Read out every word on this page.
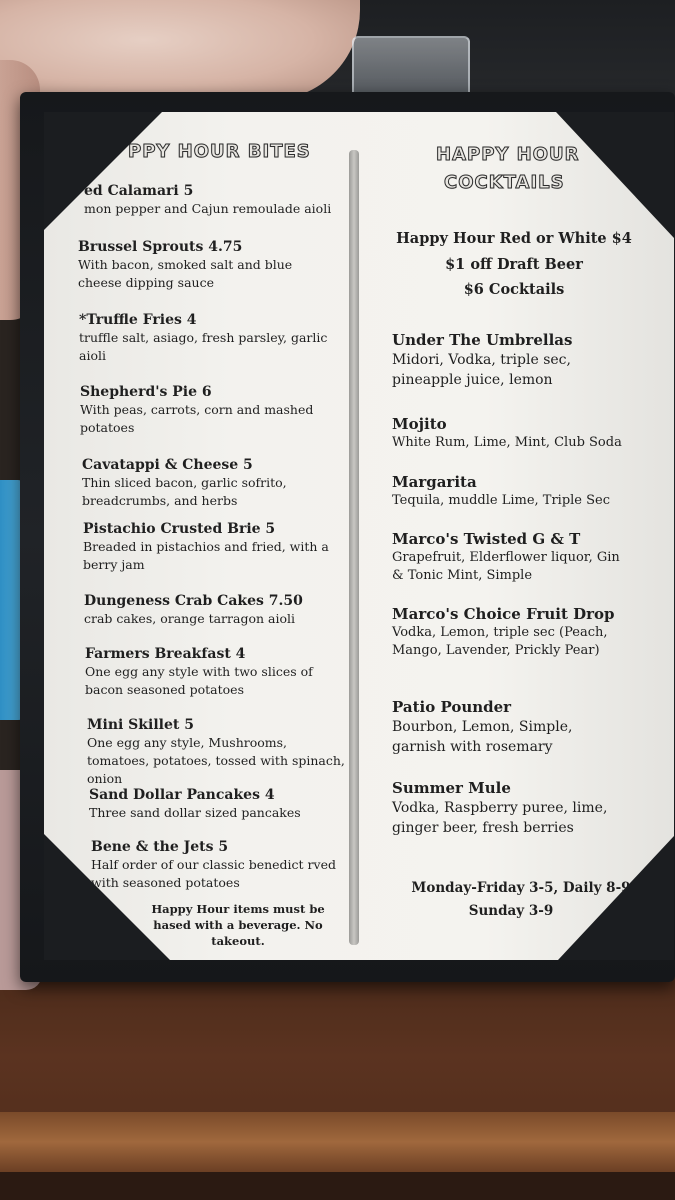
PPY HOUR BITES
ed Calamari 5
mon pepper and Cajun remoulade aioli
Brussel Sprouts 4.75
With bacon, smoked salt and blue cheese dipping sauce
*Truffle Fries 4
truffle salt, asiago, fresh parsley, garlic aioli
Shepherd's Pie 6
With peas, carrots, corn and mashed potatoes
Cavatappi & Cheese 5
Thin sliced bacon, garlic sofrito, breadcrumbs, and herbs
Pistachio Crusted Brie 5
Breaded in pistachios and fried, with a berry jam
Dungeness Crab Cakes 7.50
crab cakes, orange tarragon aioli
Farmers Breakfast 4
One egg any style with two slices of bacon seasoned potatoes
Mini Skillet 5
One egg any style, Mushrooms, tomatoes, potatoes, tossed with spinach, onion
Sand Dollar Pancakes 4
Three sand dollar sized pancakes
Bene & the Jets 5
Half order of our classic benedict rved with seasoned potatoes
Happy Hour items must be
hased with a beverage. No
takeout.
HAPPY HOUR
COCKTAILS
Happy Hour Red or White $4
$1 off Draft Beer
$6 Cocktails
Under The Umbrellas
Midori, Vodka, triple sec, pineapple juice, lemon
Mojito
White Rum, Lime, Mint, Club Soda
Margarita
Tequila, muddle Lime, Triple Sec
Marco's Twisted G & T
Grapefruit, Elderflower liquor, Gin & Tonic Mint, Simple
Marco's Choice Fruit Drop
Vodka, Lemon, triple sec (Peach, Mango, Lavender, Prickly Pear)
Patio Pounder
Bourbon, Lemon, Simple, garnish with rosemary
Summer Mule
Vodka, Raspberry puree, lime, ginger beer, fresh berries
Monday-Friday 3-5, Daily 8-9
Sunday 3-9
